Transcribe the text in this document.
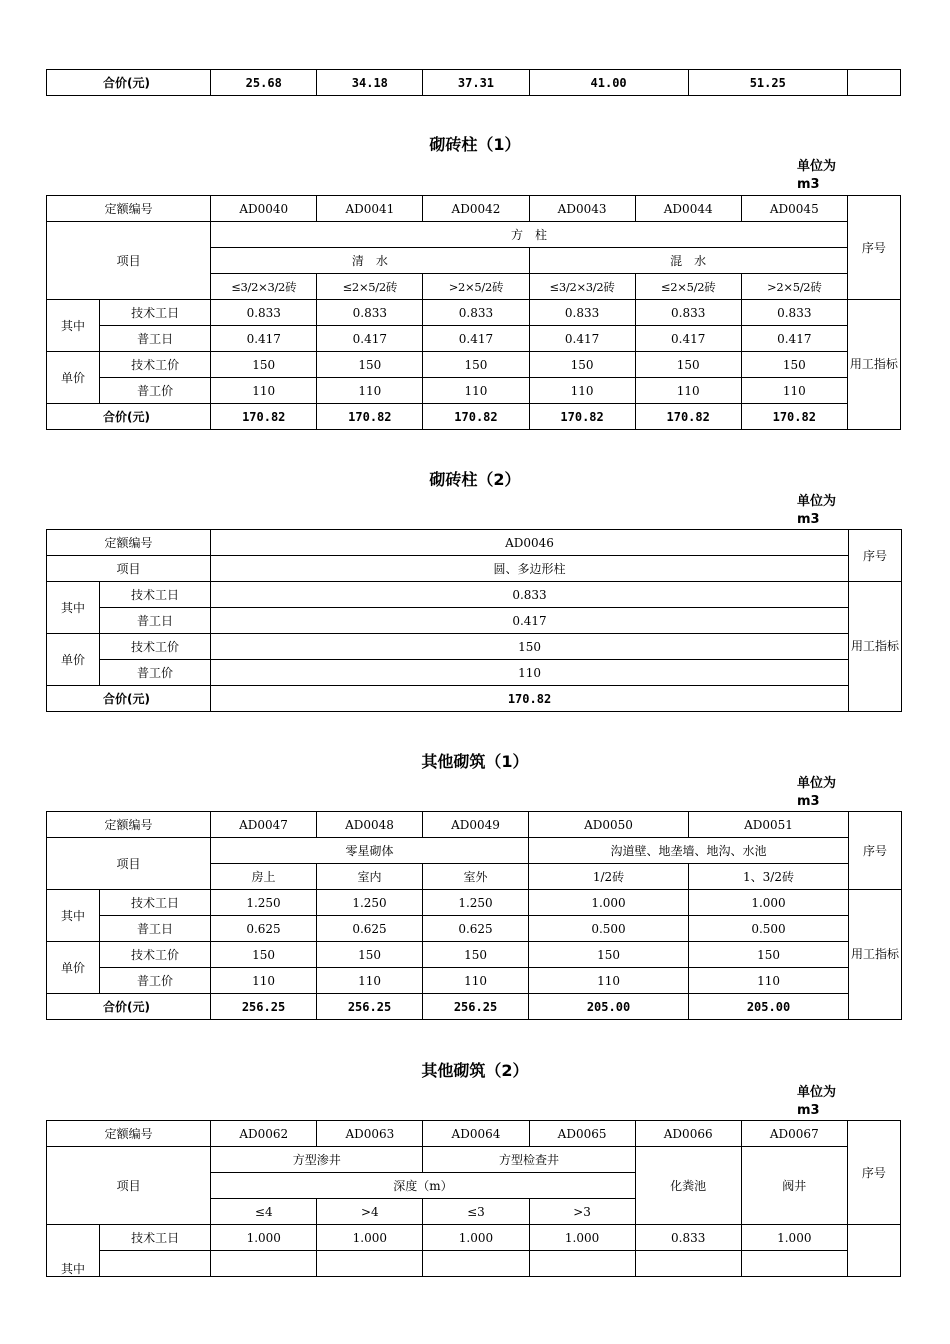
合价(元)	25.68	34.18	37.31	41.00	51.25	
砌砖柱（1）
单位为
m3
定额编号		AD0040	AD0041	AD0042	AD0043	AD0044	AD0045	序号
项目		方　柱						
		清　水			混　水			
		≤3/2×3/2砖	≤2×5/2砖	>2×5/2砖	≤3/2×3/2砖	≤2×5/2砖	>2×5/2砖	
其中	技术工日	0.833	0.833	0.833	0.833	0.833	0.833	用工指标
	普工日	0.417	0.417	0.417	0.417	0.417	0.417	
单价	技术工价	150	150	150	150	150	150	
	普工价	110	110	110	110	110	110	
合价(元)		170.82	170.82	170.82	170.82	170.82	170.82	
砌砖柱（2）
单位为
m3
定额编号		AD0046	序号
项目		圆、多边形柱	
其中	技术工日	0.833	用工指标
	普工日	0.417	
单价	技术工价	150	
	普工价	110	
合价(元)		170.82	
其他砌筑（1）
单位为
m3
定额编号		AD0047	AD0048	AD0049	AD0050	AD0051	序号
项目		零星砌体			沟道壁、地垄墙、地沟、水池		
		房上	室内	室外	1/2砖	1、3/2砖	
其中	技术工日	1.250	1.250	1.250	1.000	1.000	用工指标
	普工日	0.625	0.625	0.625	0.500	0.500	
单价	技术工价	150	150	150	150	150	
	普工价	110	110	110	110	110	
合价(元)		256.25	256.25	256.25	205.00	205.00	
其他砌筑（2）
单位为
m3
定额编号		AD0062	AD0063	AD0064	AD0065	AD0066	AD0067	序号
项目		方型渗井		方型检查井		化粪池	阀井	
		深度（m）						
		≤4	>4	≤3	>3			
其中	技术工日	1.000	1.000	1.000	1.000	0.833	1.000	
